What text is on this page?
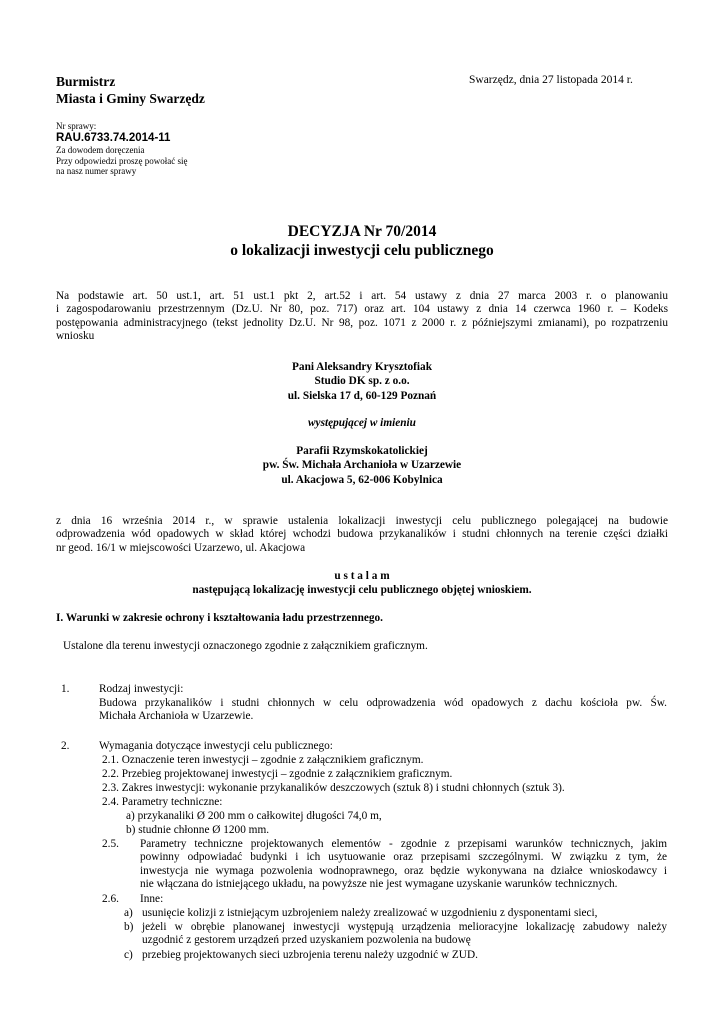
Burmistrz
Miasta i Gminy Swarzędz
Swarzędz, dnia 27 listopada 2014 r.
Nr sprawy:
RAU.6733.74.2014-11
Za dowodem doręczenia
Przy odpowiedzi proszę powołać się
na nasz numer sprawy
DECYZJA Nr 70/2014
o lokalizacji inwestycji celu publicznego
Na podstawie art. 50 ust.1, art. 51 ust.1 pkt 2, art.52 i art. 54 ustawy z dnia 27 marca 2003 r. o planowaniu
i zagospodarowaniu przestrzennym (Dz.U. Nr 80, poz. 717) oraz art. 104 ustawy z dnia 14 czerwca 1960 r. – Kodeks
postępowania administracyjnego (tekst jednolity Dz.U. Nr 98, poz. 1071 z 2000 r. z późniejszymi zmianami), po rozpatrzeniu
wniosku
Pani Aleksandry Krysztofiak
Studio DK sp. z o.o.
ul. Sielska 17 d, 60-129 Poznań
występującej w imieniu
Parafii Rzymskokatolickiej
pw. Św. Michała Archanioła w Uzarzewie
ul. Akacjowa 5, 62-006 Kobylnica
z dnia 16 września 2014 r., w sprawie ustalenia lokalizacji inwestycji celu publicznego polegającej na budowie
odprowadzenia wód opadowych w skład której wchodzi budowa przykanalików i studni chłonnych na terenie części działki
nr geod. 16/1 w miejscowości Uzarzewo, ul. Akacjowa
u s t a l a m
następującą lokalizację inwestycji celu publicznego objętej wnioskiem.
I. Warunki w zakresie ochrony i kształtowania ładu przestrzennego.
Ustalone dla terenu inwestycji oznaczonego zgodnie z załącznikiem graficznym.
1.	Rodzaj inwestycji:
Budowa przykanalików i studni chłonnych w celu odprowadzenia wód opadowych z dachu kościoła pw. Św.
Michała Archanioła w Uzarzewie.
2.	Wymagania dotyczące inwestycji celu publicznego:
2.1. Oznaczenie teren inwestycji – zgodnie z załącznikiem graficznym.
2.2. Przebieg projektowanej inwestycji – zgodnie z załącznikiem graficznym.
2.3. Zakres inwestycji: wykonanie przykanalików deszczowych (sztuk 8) i studni chłonnych (sztuk 3).
2.4. Parametry techniczne:
a) przykanaliki Ø 200 mm o całkowitej długości 74,0 m,
b) studnie chłonne Ø 1200 mm.
2.5. Parametry techniczne projektowanych elementów - zgodnie z przepisami warunków technicznych, jakim
powinny odpowiadać budynki i ich usytuowanie oraz przepisami szczególnymi. W związku z tym, że
inwestycja nie wymaga pozwolenia wodnoprawnego, oraz będzie wykonywana na działce wnioskodawcy i
nie włączana do istniejącego układu, na powyższe nie jest wymagane uzyskanie warunków technicznych.
2.6. Inne:
a) usunięcie kolizji z istniejącym uzbrojeniem należy zrealizować w uzgodnieniu z dysponentami sieci,
b) jeżeli w obrębie planowanej inwestycji występują urządzenia melioracyjne lokalizację zabudowy należy
uzgodnić z gestorem urządzeń przed uzyskaniem pozwolenia na budowę
c) przebieg projektowanych sieci uzbrojenia terenu należy uzgodnić w ZUD.
